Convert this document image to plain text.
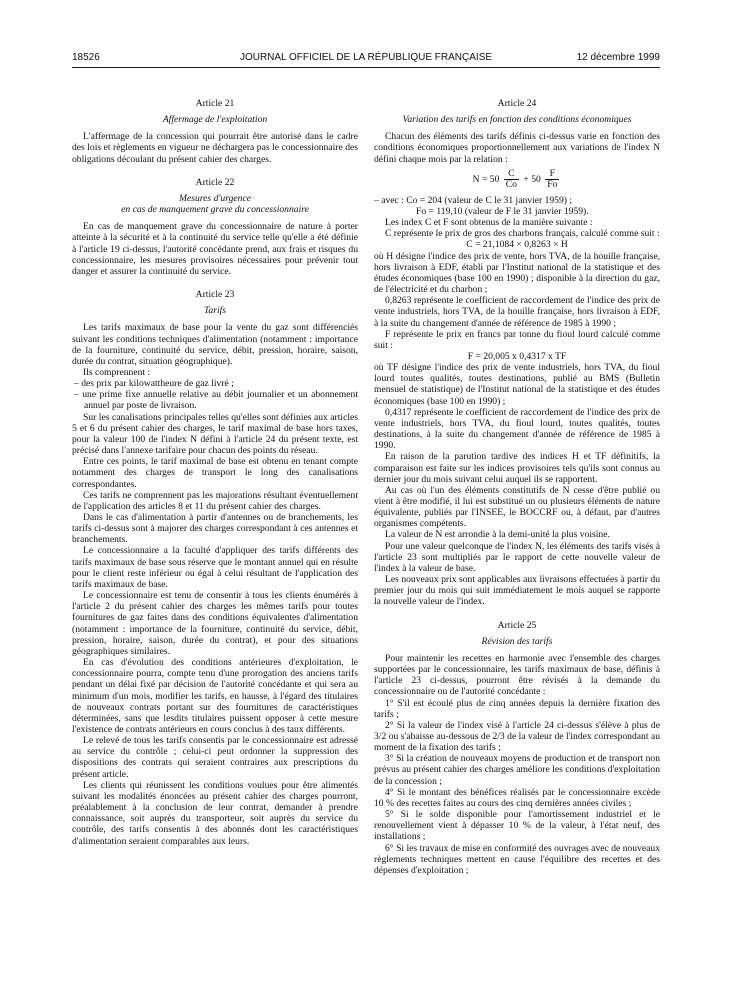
18526	JOURNAL OFFICIEL DE LA RÉPUBLIQUE FRANÇAISE	12 décembre 1999
Article 21
Affermage de l'exploitation

L'affermage de la concession qui pourrait être autorisé dans le cadre des lois et règlements en vigueur ne déchargera pas le concessionnaire des obligations découlant du présent cahier des charges.

Article 22
Mesures d'urgence
en cas de manquement grave du concessionnaire

En cas de manquement grave du concessionnaire de nature à porter atteinte à la sécurité et à la continuité du service telle qu'elle a été définie à l'article 19 ci-dessus, l'autorité concédante prend, aux frais et risques du concessionnaire, les mesures provisoires nécessaires pour prévenir tout danger et assurer la continuité du service.

Article 23
Tarifs

Les tarifs maximaux de base pour la vente du gaz sont différenciés suivant les conditions techniques d'alimentation (notamment : importance de la fourniture, continuité du service, débit, pression, horaire, saison, durée du contrat, situation géographique).

Ils comprennent :

– des prix par kilowattheure de gaz livré ;

– une prime fixe annuelle relative au débit journalier et un abonnement annuel par poste de livraison.

Sur les canalisations principales telles qu'elles sont définies aux articles 5 et 6 du présent cahier des charges, le tarif maximal de base hors taxes, pour la valeur 100 de l'index N défini à l'article 24 du présent texte, est précisé dans l'annexe tarifaire pour chacun des points du réseau.

Entre ces points, le tarif maximal de base est obtenu en tenant compte notamment des charges de transport le long des canalisations correspondantes.

Ces tarifs ne comprennent pas les majorations résultant éventuellement de l'application des articles 8 et 11 du présent cahier des charges.

Dans le cas d'alimentation à partir d'antennes ou de branchements, les tarifs ci-dessus sont à majorer des charges correspondant à ces antennes et branchements.

Le concessionnaire a la faculté d'appliquer des tarifs différents des tarifs maximaux de base sous réserve que le montant annuel qui en résulte pour le client reste inférieur ou égal à celui résultant de l'application des tarifs maximaux de base.

Le concessionnaire est tenu de consentir à tous les clients énumérés à l'article 2 du présent cahier des charges les mêmes tarifs pour toutes fournitures de gaz faites dans des conditions équivalentes d'alimentation (notamment : importance de la fourniture, continuité du service, débit, pression, horaire, saison, durée du contrat), et pour des situations géographiques similaires.

En cas d'évolution des conditions antérieures d'exploitation, le concessionnaire pourra, compte tenu d'une prorogation des anciens tarifs pendant un délai fixé par décision de l'autorité concédante et qui sera au minimum d'un mois, modifier les tarifs, en hausse, à l'égard des titulaires de nouveaux contrats portant sur des fournitures de caractéristiques déterminées, sans que lesdits titulaires puissent opposer à cette mesure l'existence de contrats antérieurs en cours conclus à des taux différents.

Le relevé de tous les tarifs consentis par le concessionnaire est adressé au service du contrôle ; celui-ci peut ordonner la suppression des dispositions des contrats qui seraient contraires aux prescriptions du présent article.

Les clients qui réunissent les conditions voulues pour être alimentés suivant les modalités énoncées au présent cahier des charges pourront, préalablement à la conclusion de leur contrat, demander à prendre connaissance, soit auprès du transporteur, soit auprès du service du contrôle, des tarifs consentis à des abonnés dont les caractéristiques d'alimentation seraient comparables aux leurs.

Article 24
Variation des tarifs en fonction des conditions économiques

Chacun des éléments des tarifs définis ci-dessus varie en fonction des conditions économiques proportionnellement aux variations de l'index N défini chaque mois par la relation :

$N = 50 \frac{C}{Co} + 50 \frac{F}{Fo}$

– avec : Co = 204 (valeur de C le 31 janvier 1959) ;

Fo = 119,10 (valeur de F le 31 janvier 1959).

Les index C et F sont obtenus de la manière suivante :

C représente le prix de gros des charbons français, calculé comme suit :

C = 21,1084 × 0,8263 × H

où H désigne l'indice des prix de vente, hors TVA, de la houille française, hors livraison à EDF, établi par l'Institut national de la statistique et des études économiques (base 100 en 1990) ; disponible à la direction du gaz, de l'électricité et du charbon ;

0,8263 représente le coefficient de raccordement de l'indice des prix de vente industriels, hors TVA, de la houille française, hors livraison à EDF, à la suite du changement d'année de référence de 1985 à 1990 ;

F représente le prix en francs par tonne du fioul lourd calculé comme suit :

F = 20,005 x 0,4317 x TF

où TF désigne l'indice des prix de vente industriels, hors TVA, du fioul lourd toutes qualités, toutes destinations, publié au BMS (Bulletin mensuel de statistique) de l'Institut national de la statistique et des études économiques (base 100 en 1990) ;

0,4317 représente le coefficient de raccordement de l'indice des prix de vente industriels, hors TVA, du fioul lourd, toutes qualités, toutes destinations, à la suite du changement d'année de référence de 1985 à 1990.

En raison de la parution tardive des indices H et TF définitifs, la comparaison est faite sur les indices provisoires tels qu'ils sont connus au dernier jour du mois suivant celui auquel ils se rapportent.

Au cas où l'un des éléments constitutifs de N cesse d'être publié ou vient à être modifié, il lui est substitué un ou plusieurs éléments de nature équivalente, publiés par l'INSEE, le BOCCRF ou, à défaut, par d'autres organismes compétents.

La valeur de N est arrondie à la demi-unité la plus voisine.

Pour une valeur quelconque de l'index N, les éléments des tarifs visés à l'article 23 sont multipliés par le rapport de cette nouvelle valeur de l'index à la valeur de base.

Les nouveaux prix sont applicables aux livraisons effectuées à partir du premier jour du mois qui suit immédiatement le mois auquel se rapporte la nouvelle valeur de l'index.

Article 25
Révision des tarifs

Pour maintenir les recettes en harmonie avec l'ensemble des charges supportées par le concessionnaire, les tarifs maximaux de base, définis à l'article 23 ci-dessus, pourront être révisés à la demande du concessionnaire ou de l'autorité concédante :

1° S'il est écoulé plus de cinq années depuis la dernière fixation des tarifs ;

2° Si la valeur de l'index visé à l'article 24 ci-dessus s'élève à plus de 3/2 ou s'abaisse au-dessous de 2/3 de la valeur de l'index correspondant au moment de la fixation des tarifs ;

3° Si la création de nouveaux moyens de production et de transport non prévus au présent cahier des charges améliore les conditions d'exploitation de la concession ;

4° Si le montant des bénéfices réalisés par le concessionnaire excède 10 % des recettes faites au cours des cinq dernières années civiles ;

5° Si le solde disponible pour l'amortissement industriel et le renouvellement vient à dépasser 10 % de la valeur, à l'état neuf, des installations ;

6° Si les travaux de mise en conformité des ouvrages avec de nouveaux règlements techniques mettent en cause l'équilibre des recettes et des dépenses d'exploitation ;
